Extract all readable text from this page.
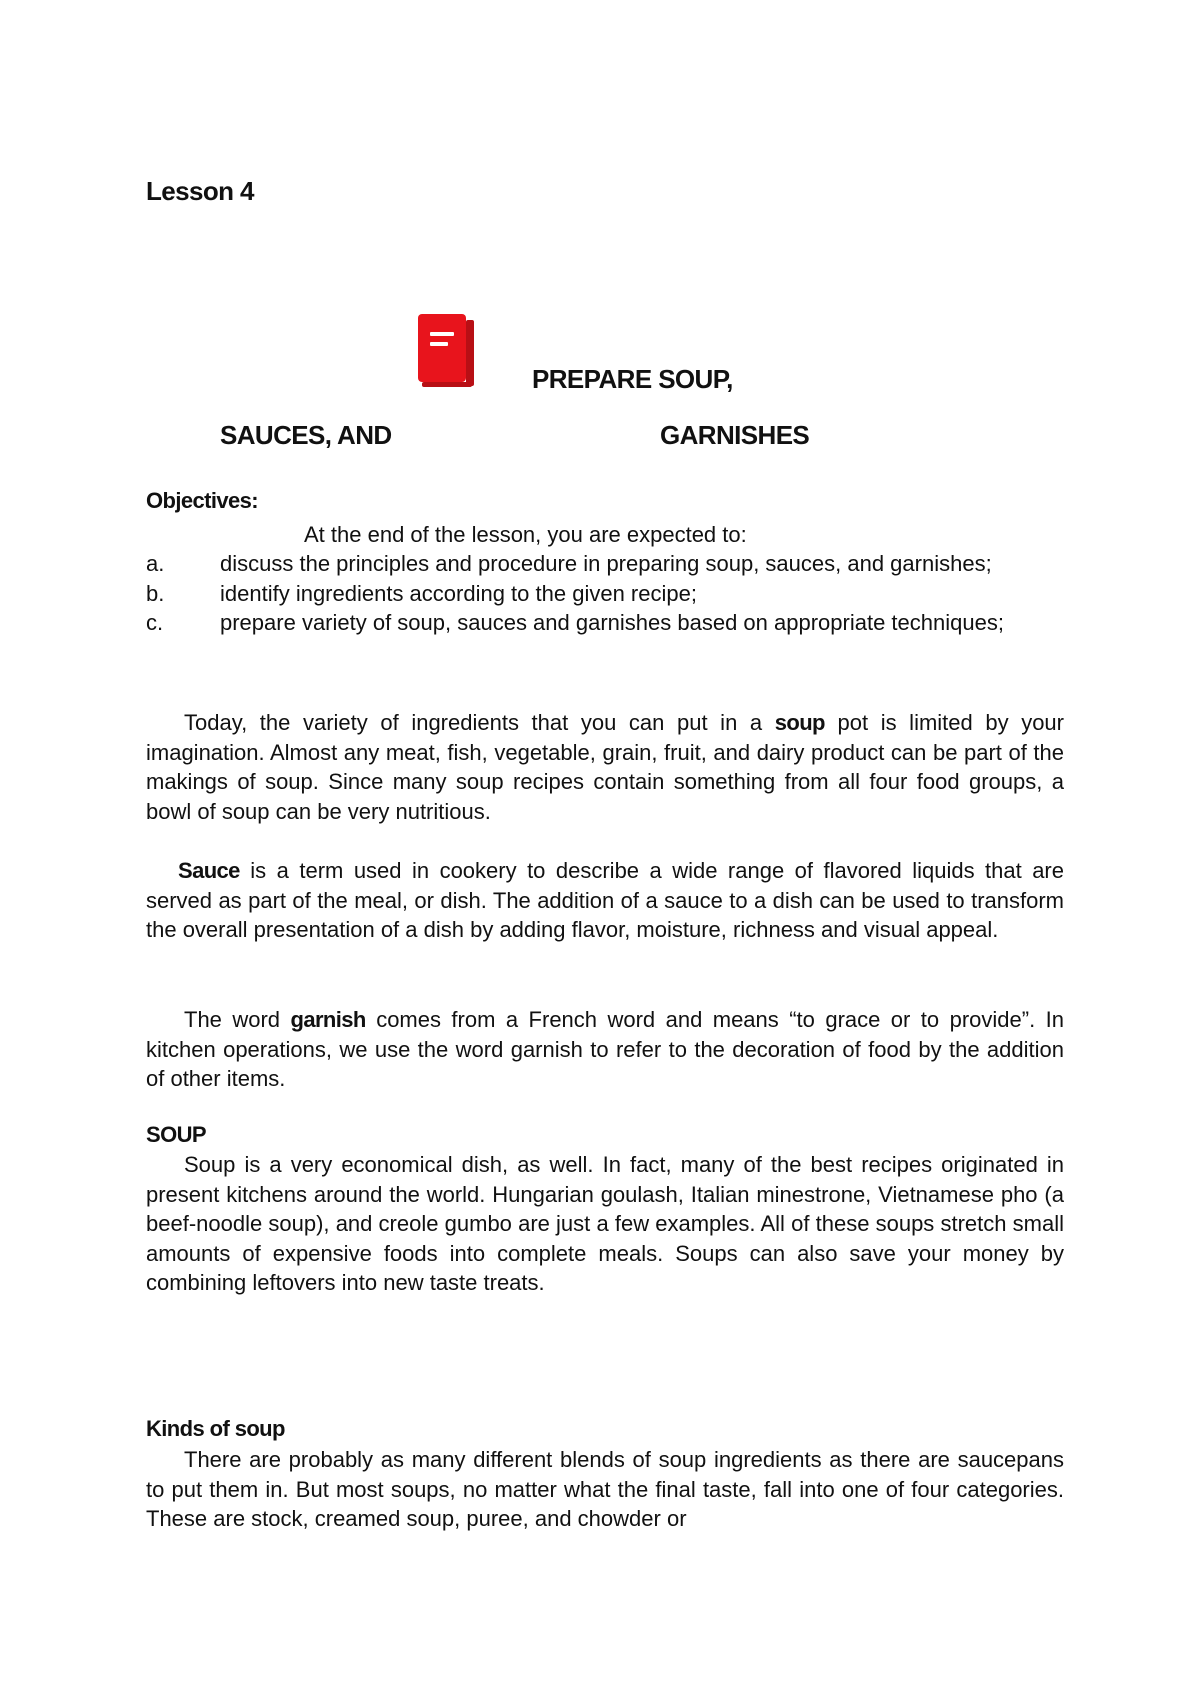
Lesson 4
PREPARE SOUP,
SAUCES, AND	GARNISHES
Objectives:
At the end of the lesson, you are expected to:
a.	discuss the principles and procedure in preparing soup, sauces, and garnishes;
b.	identify ingredients according to the given recipe;
c.	prepare variety of soup, sauces and garnishes based on appropriate techniques;

Today, the variety of ingredients that you can put in a soup pot is limited by your imagination. Almost any meat, fish, vegetable, grain, fruit, and dairy product can be part of the makings of soup. Since many soup recipes contain something from all four food groups, a bowl of soup can be very nutritious.

Sauce is a term used in cookery to describe a wide range of flavored liquids that are served as part of the meal, or dish. The addition of a sauce to a dish can be used to transform the overall presentation of a dish by adding flavor, moisture, richness and visual appeal.

The word garnish comes from a French word and means “to grace or to provide”. In kitchen operations, we use the word garnish to refer to the decoration of food by the addition of other items.

SOUP

Soup is a very economical dish, as well. In fact, many of the best recipes originated in present kitchens around the world. Hungarian goulash, Italian minestrone, Vietnamese pho (a beef-noodle soup), and creole gumbo are just a few examples. All of these soups stretch small amounts of expensive foods into complete meals. Soups can also save your money by combining leftovers into new taste treats.

Kinds of soup

There are probably as many different blends of soup ingredients as there are saucepans to put them in. But most soups, no matter what the final taste, fall into one of four categories. These are stock, creamed soup, puree, and chowder or
